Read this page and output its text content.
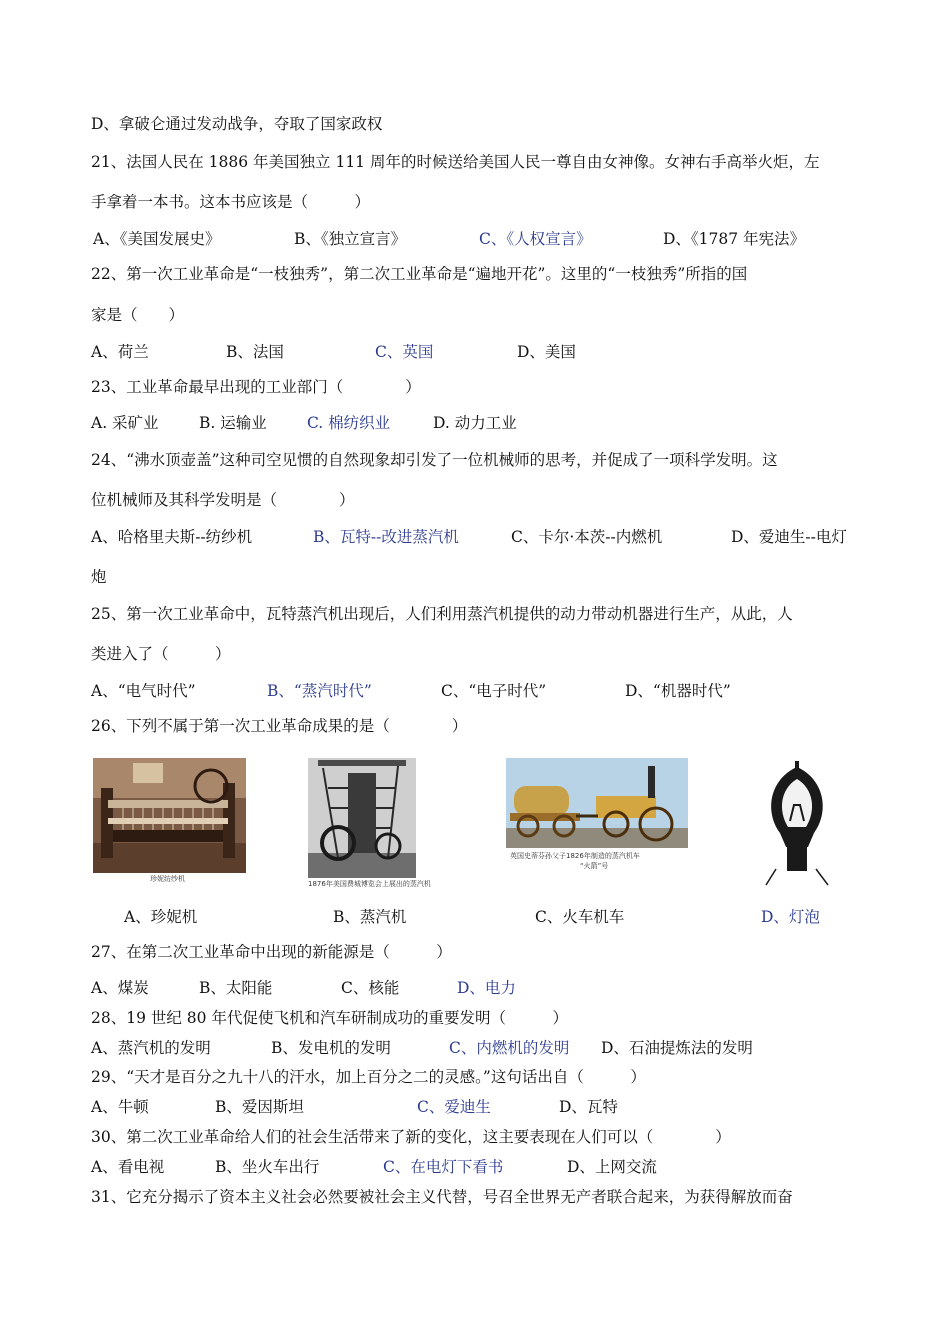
D、拿破仑通过发动战争，夺取了国家政权
21、法国人民在 1886 年美国独立 111 周年的时候送给美国人民一尊自由女神像。女神右手高举火炬，左
手拿着一本书。这本书应该是（　　　）
A、《美国发展史》	B、《独立宣言》	C、《人权宣言》	D、《1787 年宪法》
22、第一次工业革命是“一枝独秀”，第二次工业革命是“遍地开花”。这里的“一枝独秀”所指的国
家是（　　）
A、荷兰	B、法国	C、英国	D、美国
23、工业革命最早出现的工业部门（　　　　）
A. 采矿业	B. 运输业	C. 棉纺织业	D. 动力工业
24、“沸水顶壶盖”这种司空见惯的自然现象却引发了一位机械师的思考，并促成了一项科学发明。这
位机械师及其科学发明是（　　　　）
A、哈格里夫斯--纺纱机	B、瓦特--改进蒸汽机	C、卡尔·本茨--内燃机	D、爱迪生--电灯
炮
25、第一次工业革命中，瓦特蒸汽机出现后，人们利用蒸汽机提供的动力带动机器进行生产，从此，人
类进入了（　　　）
A、“电气时代”	B、“蒸汽时代”	C、“电子时代”	D、“机器时代”
26、下列不属于第一次工业革命成果的是（　　　　）
珍妮纺纱机
1876年美国费城博览会上展出的蒸汽机
英国史蒂芬孙父子1826年制造的蒸汽机车
“火箭”号
A、珍妮机	B、蒸汽机	C、火车机车	D、灯泡
27、在第二次工业革命中出现的新能源是（　　　）
A、煤炭	B、太阳能	C、核能	D、电力
28、19 世纪 80 年代促使飞机和汽车研制成功的重要发明（　　　）
A、蒸汽机的发明	B、发电机的发明	C、内燃机的发明 D、石油提炼法的发明
29、“天才是百分之九十八的汗水，加上百分之二的灵感。”这句话出自（　　　）
A、牛顿	B、爱因斯坦	C、爱迪生	D、瓦特
30、第二次工业革命给人们的社会生活带来了新的变化，这主要表现在人们可以（　　　　）
A、看电视	B、坐火车出行	C、在电灯下看书	D、上网交流
31、它充分揭示了资本主义社会必然要被社会主义代替，号召全世界无产者联合起来，为获得解放而奋
